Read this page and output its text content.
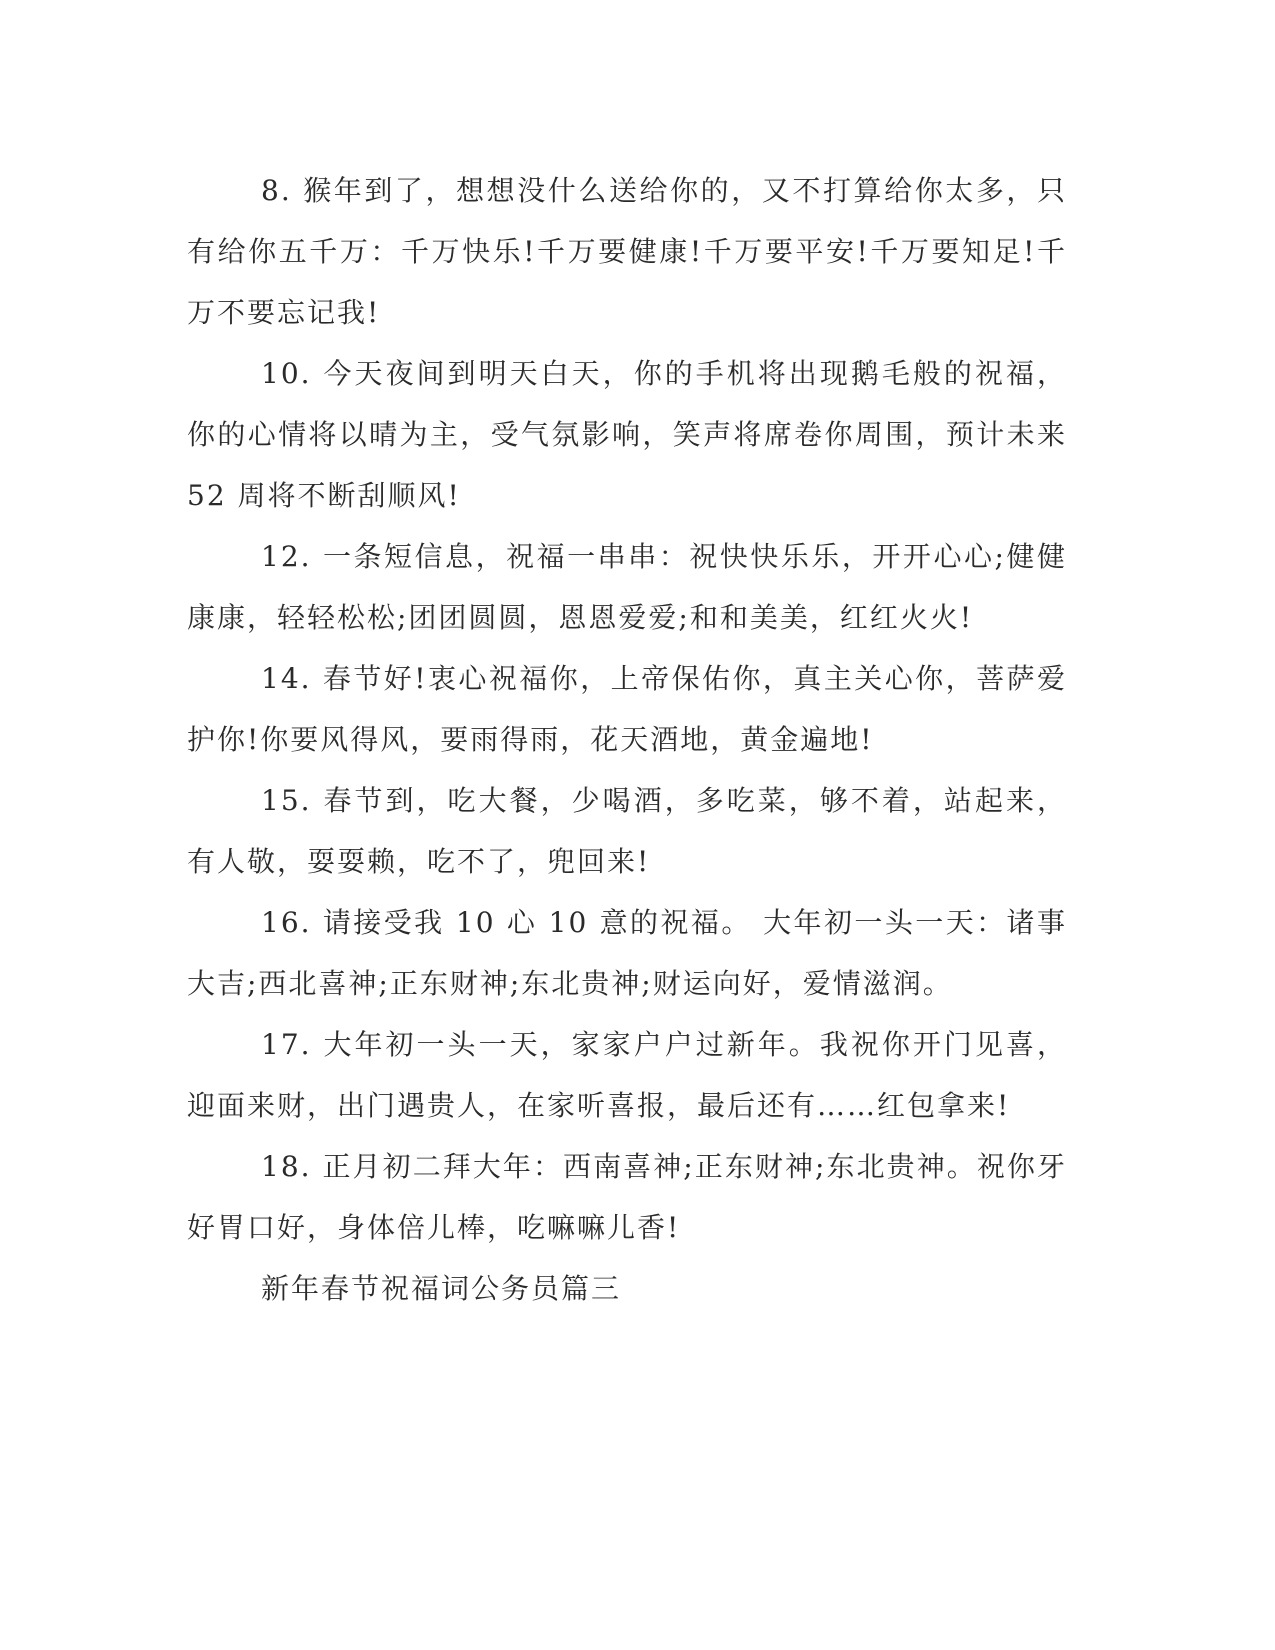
8. 猴年到了，想想没什么送给你的，又不打算给你太多，只有给你五千万：千万快乐!千万要健康!千万要平安!千万要知足!千万不要忘记我!

10. 今天夜间到明天白天，你的手机将出现鹅毛般的祝福，你的心情将以晴为主，受气氛影响，笑声将席卷你周围，预计未来 52 周将不断刮顺风!

12. 一条短信息，祝福一串串：祝快快乐乐，开开心心;健健康康，轻轻松松;团团圆圆，恩恩爱爱;和和美美，红红火火!

14. 春节好!衷心祝福你，上帝保佑你，真主关心你，菩萨爱护你!你要风得风，要雨得雨，花天酒地，黄金遍地!

15. 春节到，吃大餐，少喝酒，多吃菜，够不着，站起来，有人敬，耍耍赖，吃不了，兜回来!

16. 请接受我 10 心 10 意的祝福。 大年初一头一天：诸事大吉;西北喜神;正东财神;东北贵神;财运向好，爱情滋润。

17. 大年初一头一天，家家户户过新年。我祝你开门见喜，迎面来财，出门遇贵人，在家听喜报，最后还有……红包拿来!

18. 正月初二拜大年：西南喜神;正东财神;东北贵神。祝你牙好胃口好，身体倍儿棒，吃嘛嘛儿香!

新年春节祝福词公务员篇三
